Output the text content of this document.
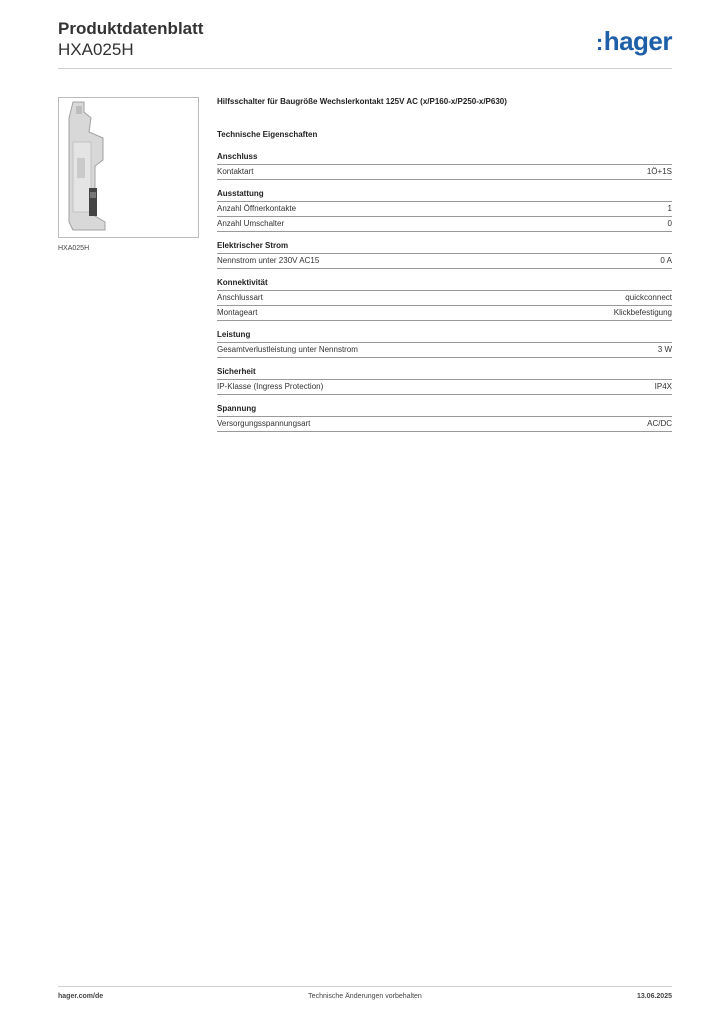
Produktdatenblatt
HXA025H	:hager
HXA025H
Hilfsschalter für Baugröße Wechslerkontakt 125V AC (x/P160-x/P250-x/P630)
Technische Eigenschaften
Anschluss
Kontaktart	1Ö+1S
Ausstattung
Anzahl Öffnerkontakte	1
Anzahl Umschalter	0
Elektrischer Strom
Nennstrom unter 230V AC15	0 A
Konnektivität
Anschlussart	quickconnect
Montageart	Klickbefestigung
Leistung
Gesamtverlustleistung unter Nennstrom	3 W
Sicherheit
IP-Klasse (Ingress Protection)	IP4X
Spannung
Versorgungsspannungsart	AC/DC
hager.com/de	Technische Änderungen vorbehalten	13.06.2025
